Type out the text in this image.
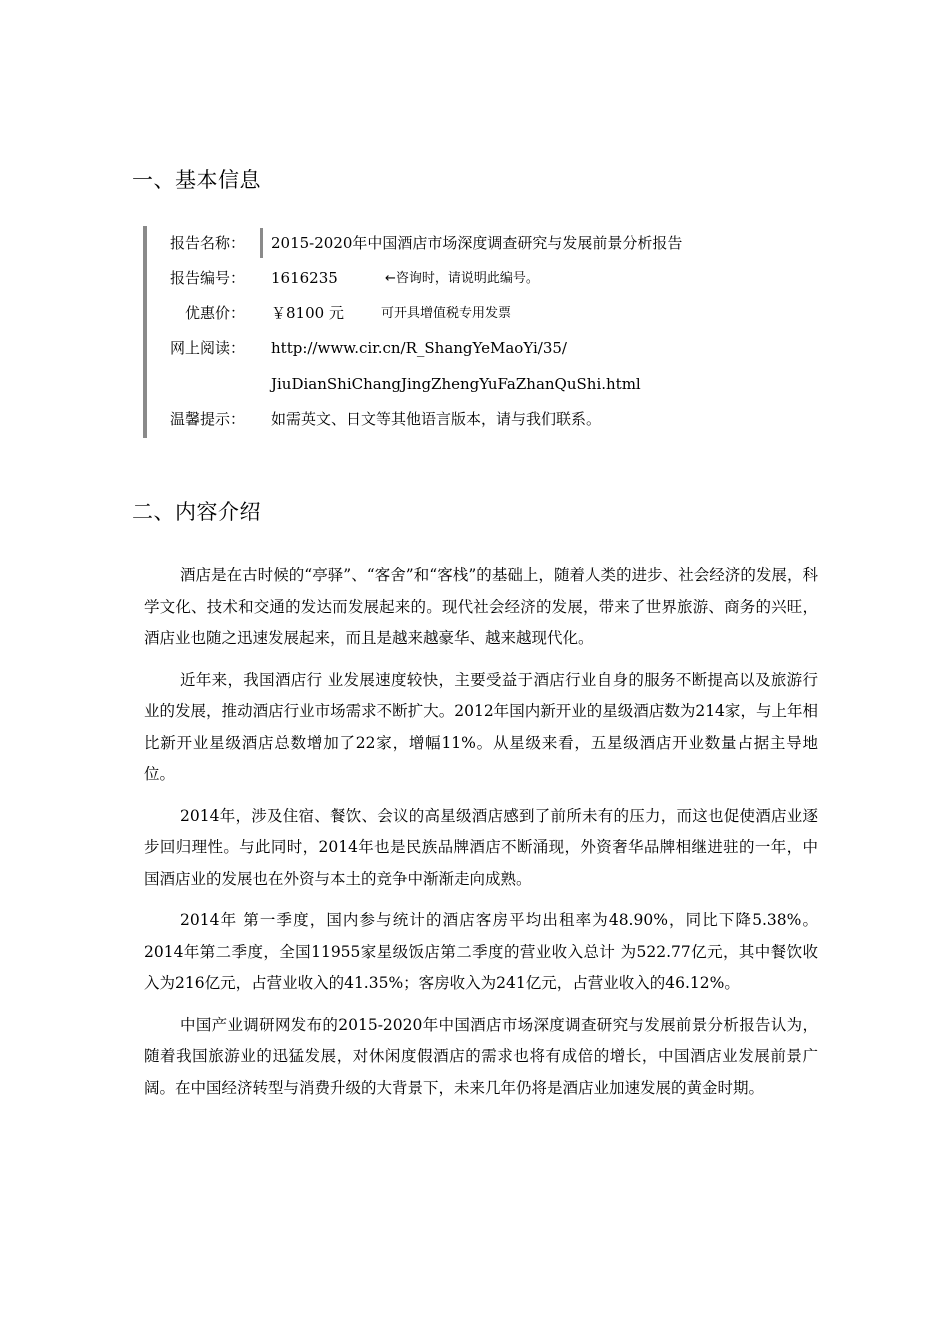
一、基本信息
报告名称： 2015-2020年中国酒店市场深度调查研究与发展前景分析报告
报告编号： 1616235	←咨询时，请说明此编号。
优惠价： ￥8100 元	可开具增值税专用发票
网上阅读： http://www.cir.cn/R_ShangYeMaoYi/35/
JiuDianShiChangJingZhengYuFaZhanQuShi.html
温馨提示： 如需英文、日文等其他语言版本，请与我们联系。
二、内容介绍

酒店是在古时候的“亭驿”、“客舍”和“客栈”的基础上，随着人类的进步、社会经济的发展，科学文化、技术和交通的发达而发展起来的。现代社会经济的发展，带来了世界旅游、商务的兴旺，酒店业也随之迅速发展起来，而且是越来越豪华、越来越现代化。

近年来，我国酒店行 业发展速度较快，主要受益于酒店行业自身的服务不断提高以及旅游行业的发展，推动酒店行业市场需求不断扩大。2012年国内新开业的星级酒店数为214家，与上年相比新开业星级酒店总数增加了22家，增幅11%。从星级来看，五星级酒店开业数量占据主导地位。

2014年，涉及住宿、餐饮、会议的高星级酒店感到了前所未有的压力，而这也促使酒店业逐步回归理性。与此同时，2014年也是民族品牌酒店不断涌现，外资奢华品牌相继进驻的一年，中国酒店业的发展也在外资与本土的竞争中渐渐走向成熟。

2014年 第一季度，国内参与统计的酒店客房平均出租率为48.90%，同比下降5.38%。2014年第二季度，全国11955家星级饭店第二季度的营业收入总计 为522.77亿元，其中餐饮收入为216亿元，占营业收入的41.35%；客房收入为241亿元，占营业收入的46.12%。

中国产业调研网发布的2015-2020年中国酒店市场深度调查研究与发展前景分析报告认为，随着我国旅游业的迅猛发展，对休闲度假酒店的需求也将有成倍的增长，中国酒店业发展前景广阔。在中国经济转型与消费升级的大背景下，未来几年仍将是酒店业加速发展的黄金时期。
